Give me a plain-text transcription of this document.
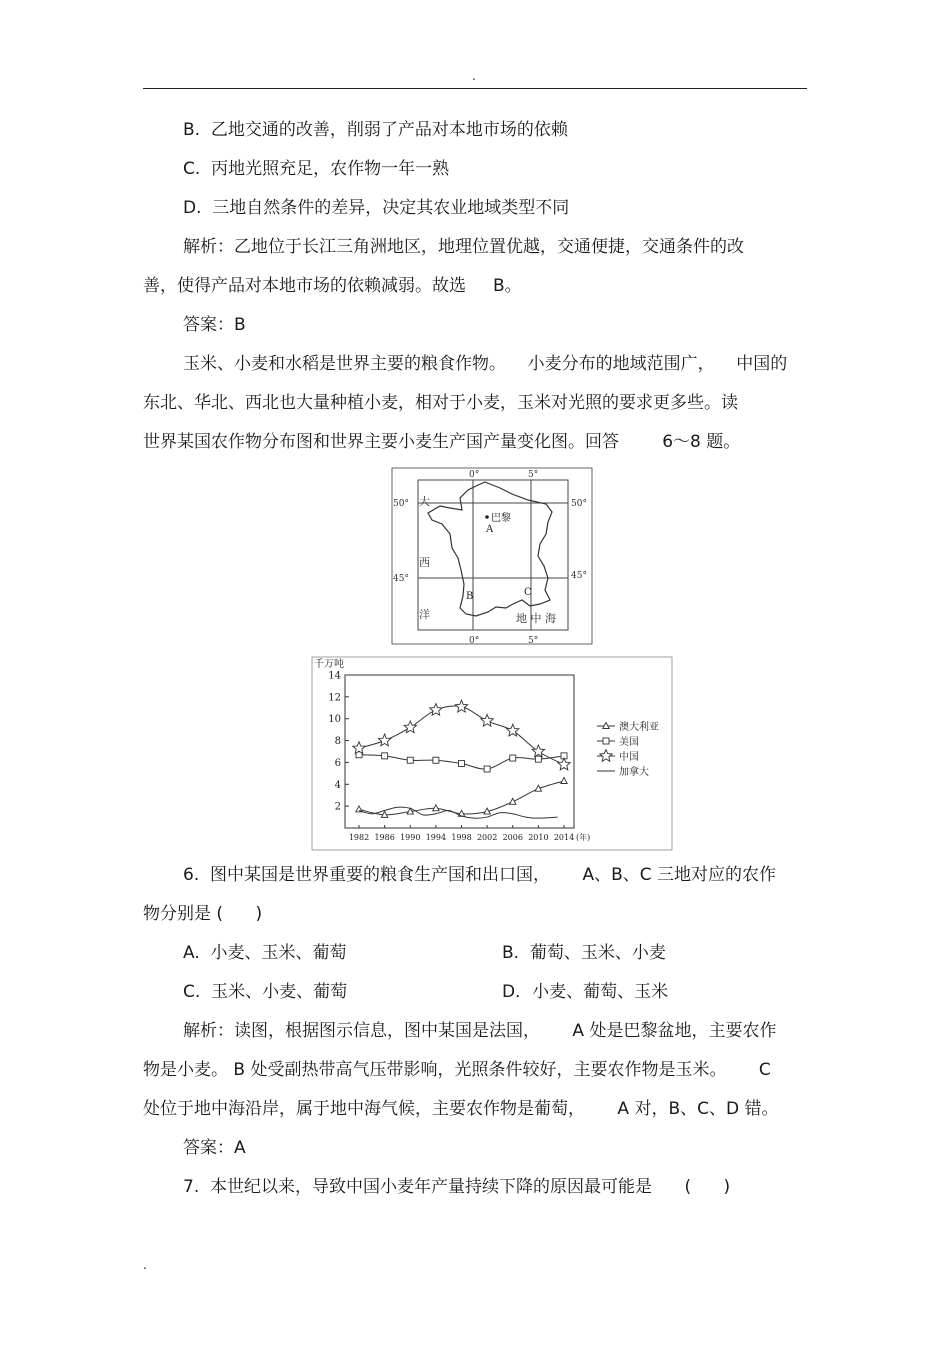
.
B.  乙地交通的改善，削弱了产品对本地市场的依赖
C.  丙地光照充足，农作物一年一熟
D.  三地自然条件的差异，决定其农业地域类型不同
解析：乙地位于长江三角洲地区，地理位置优越，交通便捷，交通条件的改
善，使得产品对本地市场的依赖减弱。故选     B。
答案：B
玉米、小麦和水稻是世界主要的粮食作物。    小麦分布的地域范围广，    中国的
东北、华北、西北也大量种植小麦，相对于小麦，玉米对光照的要求更多些。读
世界某国农作物分布图和世界主要小麦生产国产量变化图。回答        6～8 题。
0°	5°
0°	5°
50°
45°
50°
45°
巴黎
A
B	C
大
西
洋	地 中 海
千万吨
2
4
6
8
10
12
14
1982 1986 1990 1994 1998 2002 2006 2010 2014 (年)
澳大利亚
美国
中国
加拿大
6.  图中某国是世界重要的粮食生产国和出口国，      A、B、C 三地对应的农作
物分别是 (      )
A.  小麦、玉米、葡萄	B.  葡萄、玉米、小麦
C.  玉米、小麦、葡萄	D．小麦、葡萄、玉米
解析：读图，根据图示信息，图中某国是法国，      A 处是巴黎盆地，主要农作
物是小麦。 B 处受副热带高气压带影响，光照条件较好，主要农作物是玉米。      C
处位于地中海沿岸，属于地中海气候，主要农作物是葡萄，      A 对，B、C、D 错。
答案：A
7.  本世纪以来，导致中国小麦年产量持续下降的原因最可能是      (      )
.
